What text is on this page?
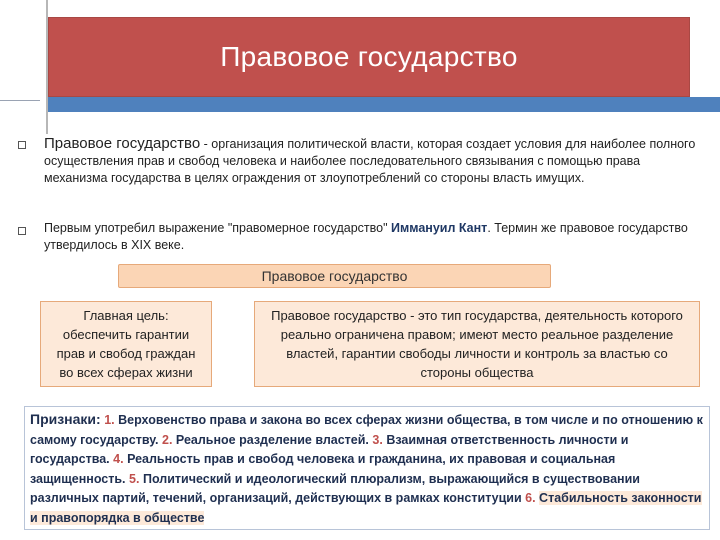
Правовое государство
Правовое государство - организация политической власти, которая создает условия для наиболее полного осуществления прав и свобод человека и наиболее последовательного связывания с помощью права механизма государства в целях ограждения от злоупотреблений со стороны власть имущих.
Первым употребил выражение "правомерное государство" Иммануил Кант. Термин же правовое государство утвердилось в XIX веке.
Правовое государство
Главная цель:
обеспечить гарантии
прав и свобод граждан
во всех сферах жизни
Правовое государство - это тип государства, деятельность которого реально ограничена правом; имеют место реальное разделение властей, гарантии свободы личности и контроль за властью со стороны общества
Признаки: 1. Верховенство права и закона во всех сферах жизни общества, в том числе и по отношению к самому государству. 2. Реальное разделение властей. 3. Взаимная ответственность личности и государства. 4. Реальность прав и свобод человека и гражданина, их правовая и социальная защищенность. 5. Политический и идеологический плюрализм, выражающийся в существовании различных партий, течений, организаций, действующих в рамках конституции 6. Стабильность законности и правопорядка в обществе
